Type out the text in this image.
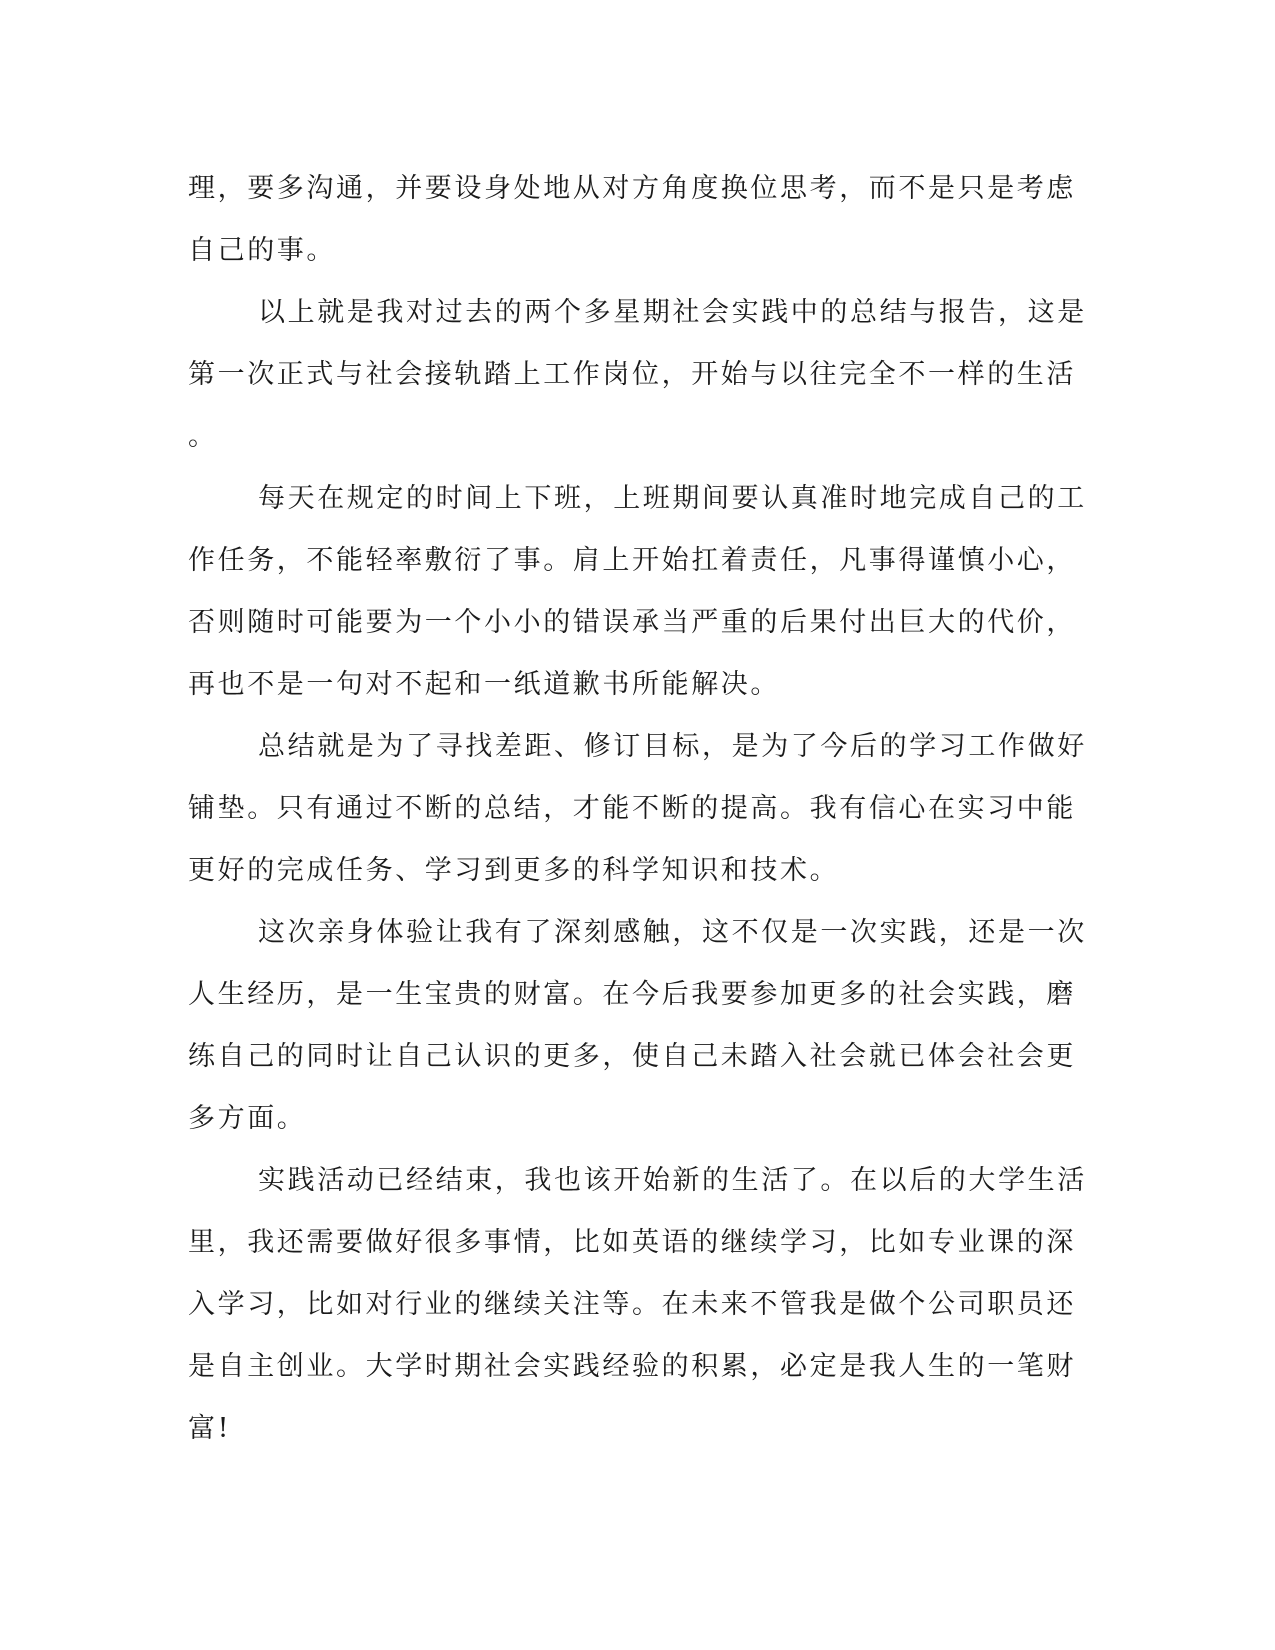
理，要多沟通，并要设身处地从对方角度换位思考，而不是只是考虑

自己的事。

以上就是我对过去的两个多星期社会实践中的总结与报告，这是

第一次正式与社会接轨踏上工作岗位，开始与以往完全不一样的生活

。

每天在规定的时间上下班，上班期间要认真准时地完成自己的工

作任务，不能轻率敷衍了事。肩上开始扛着责任，凡事得谨慎小心，

否则随时可能要为一个小小的错误承当严重的后果付出巨大的代价，

再也不是一句对不起和一纸道歉书所能解决。

总结就是为了寻找差距、修订目标，是为了今后的学习工作做好

铺垫。只有通过不断的总结，才能不断的提高。我有信心在实习中能

更好的完成任务、学习到更多的科学知识和技术。

这次亲身体验让我有了深刻感触，这不仅是一次实践，还是一次

人生经历，是一生宝贵的财富。在今后我要参加更多的社会实践，磨

练自己的同时让自己认识的更多，使自己未踏入社会就已体会社会更

多方面。

实践活动已经结束，我也该开始新的生活了。在以后的大学生活

里，我还需要做好很多事情，比如英语的继续学习，比如专业课的深

入学习，比如对行业的继续关注等。在未来不管我是做个公司职员还

是自主创业。大学时期社会实践经验的积累，必定是我人生的一笔财

富!
